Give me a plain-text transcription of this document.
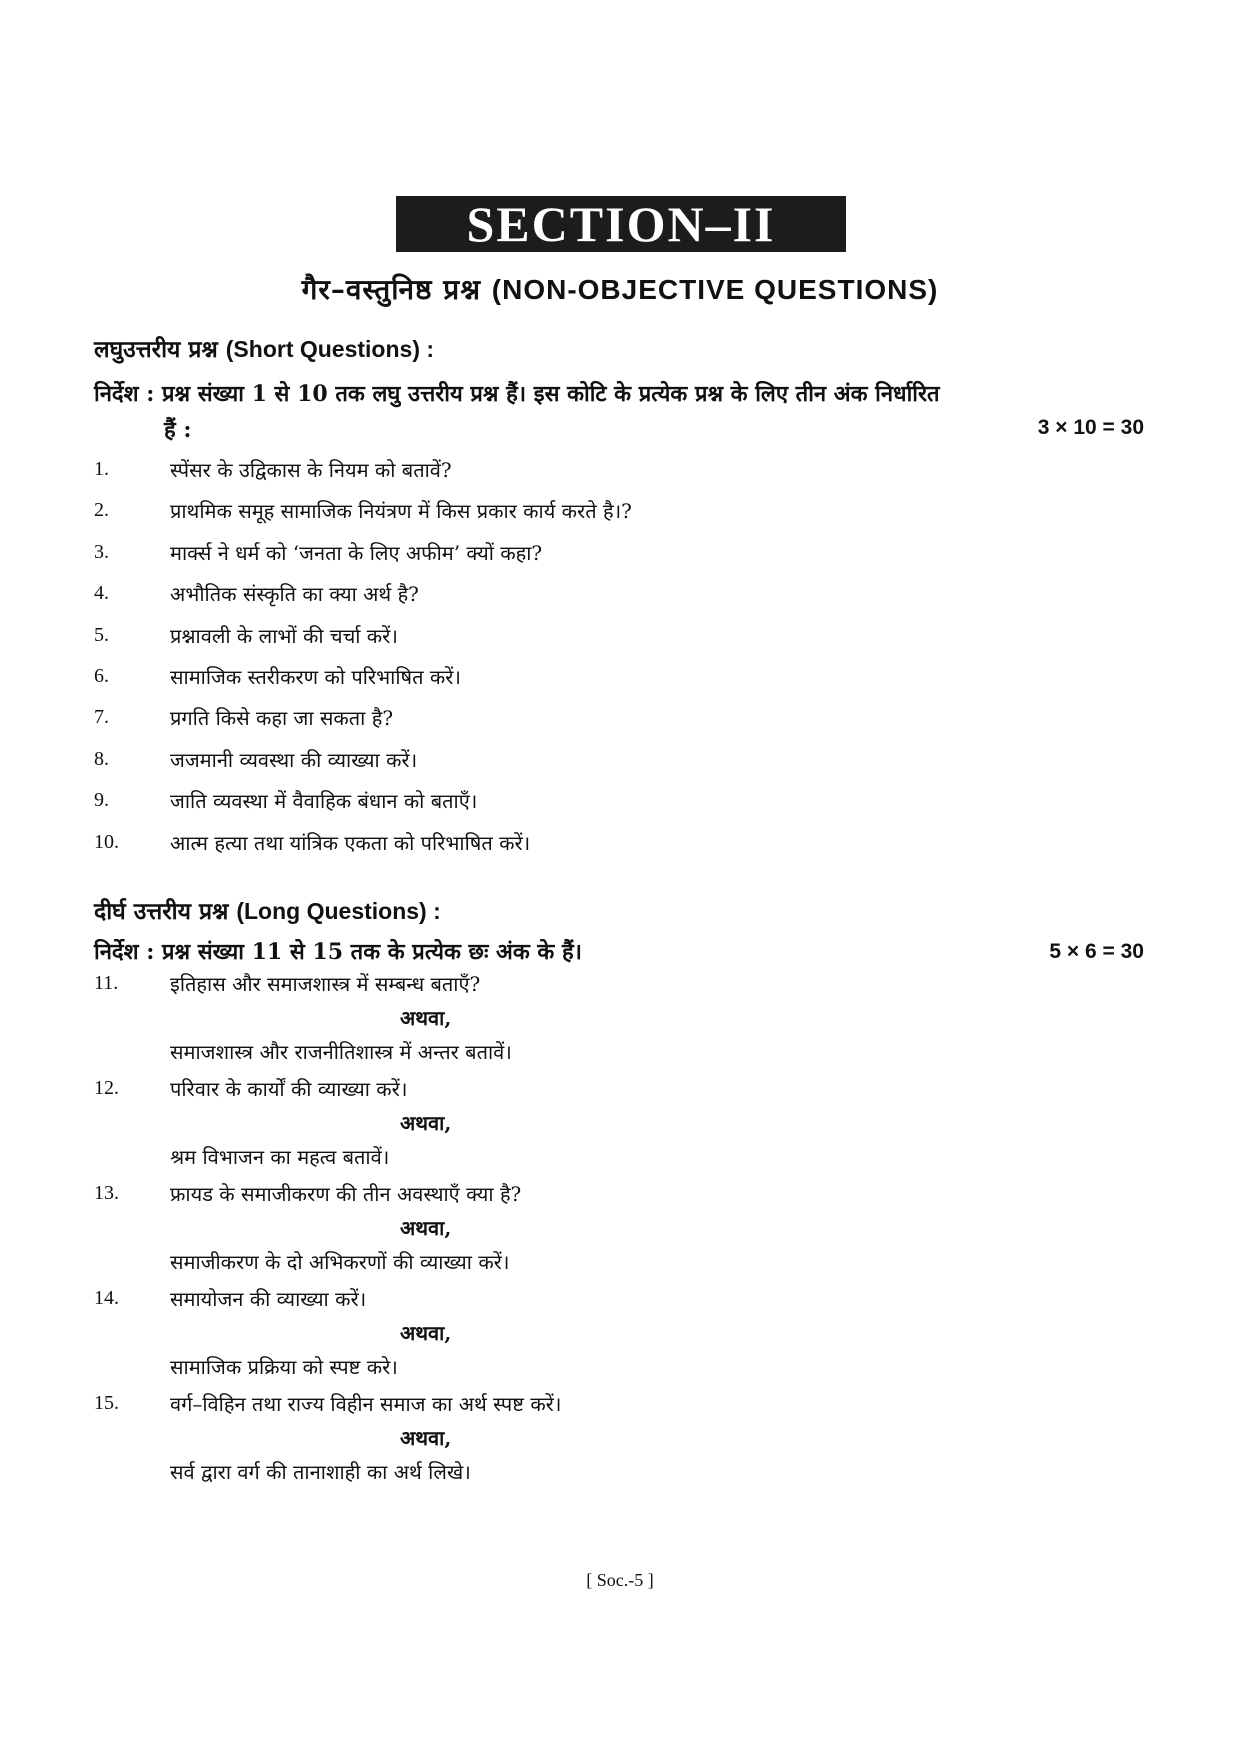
SECTION–II
गैर–वस्तुनिष्ठ प्रश्न (NON-OBJECTIVE QUESTIONS)
लघुउत्तरीय प्रश्न (Short Questions) :
निर्देश : प्रश्न संख्या 1 से 10 तक लघु उत्तरीय प्रश्न हैं। इस कोटि के प्रत्येक प्रश्न के लिए तीन अंक निर्धारित
हैं :	3 × 10 = 30
1.	स्पेंसर के उद्विकास के नियम को बतावें?
2.	प्राथमिक समूह सामाजिक नियंत्रण में किस प्रकार कार्य करते है।?
3.	मार्क्स ने धर्म को ‘जनता के लिए अफीम’ क्यों कहा?
4.	अभौतिक संस्कृति का क्या अर्थ है?
5.	प्रश्नावली के लाभों की चर्चा करें।
6.	सामाजिक स्तरीकरण को परिभाषित करें।
7.	प्रगति किसे कहा जा सकता है?
8.	जजमानी व्यवस्था की व्याख्या करें।
9.	जाति व्यवस्था में वैवाहिक बंधान को बताएँ।
10.	आत्म हत्या तथा यांत्रिक एकता को परिभाषित करें।
दीर्घ उत्तरीय प्रश्न (Long Questions) :
निर्देश : प्रश्न संख्या 11 से 15 तक के प्रत्येक छः अंक के हैं।	5 × 6 = 30
11.	इतिहास और समाजशास्त्र में सम्बन्ध बताएँ?
अथवा,
समाजशास्त्र और राजनीतिशास्त्र में अन्तर बतावें।
12.	परिवार के कार्यों की व्याख्या करें।
अथवा,
श्रम विभाजन का महत्व बतावें।
13.	फ्रायड के समाजीकरण की तीन अवस्थाएँ क्या है?
अथवा,
समाजीकरण के दो अभिकरणों की व्याख्या करें।
14.	समायोजन की व्याख्या करें।
अथवा,
सामाजिक प्रक्रिया को स्पष्ट करे।
15.	वर्ग–विहिन तथा राज्य विहीन समाज का अर्थ स्पष्ट करें।
अथवा,
सर्व द्वारा वर्ग की तानाशाही का अर्थ लिखे।
[ Soc.-5 ]
